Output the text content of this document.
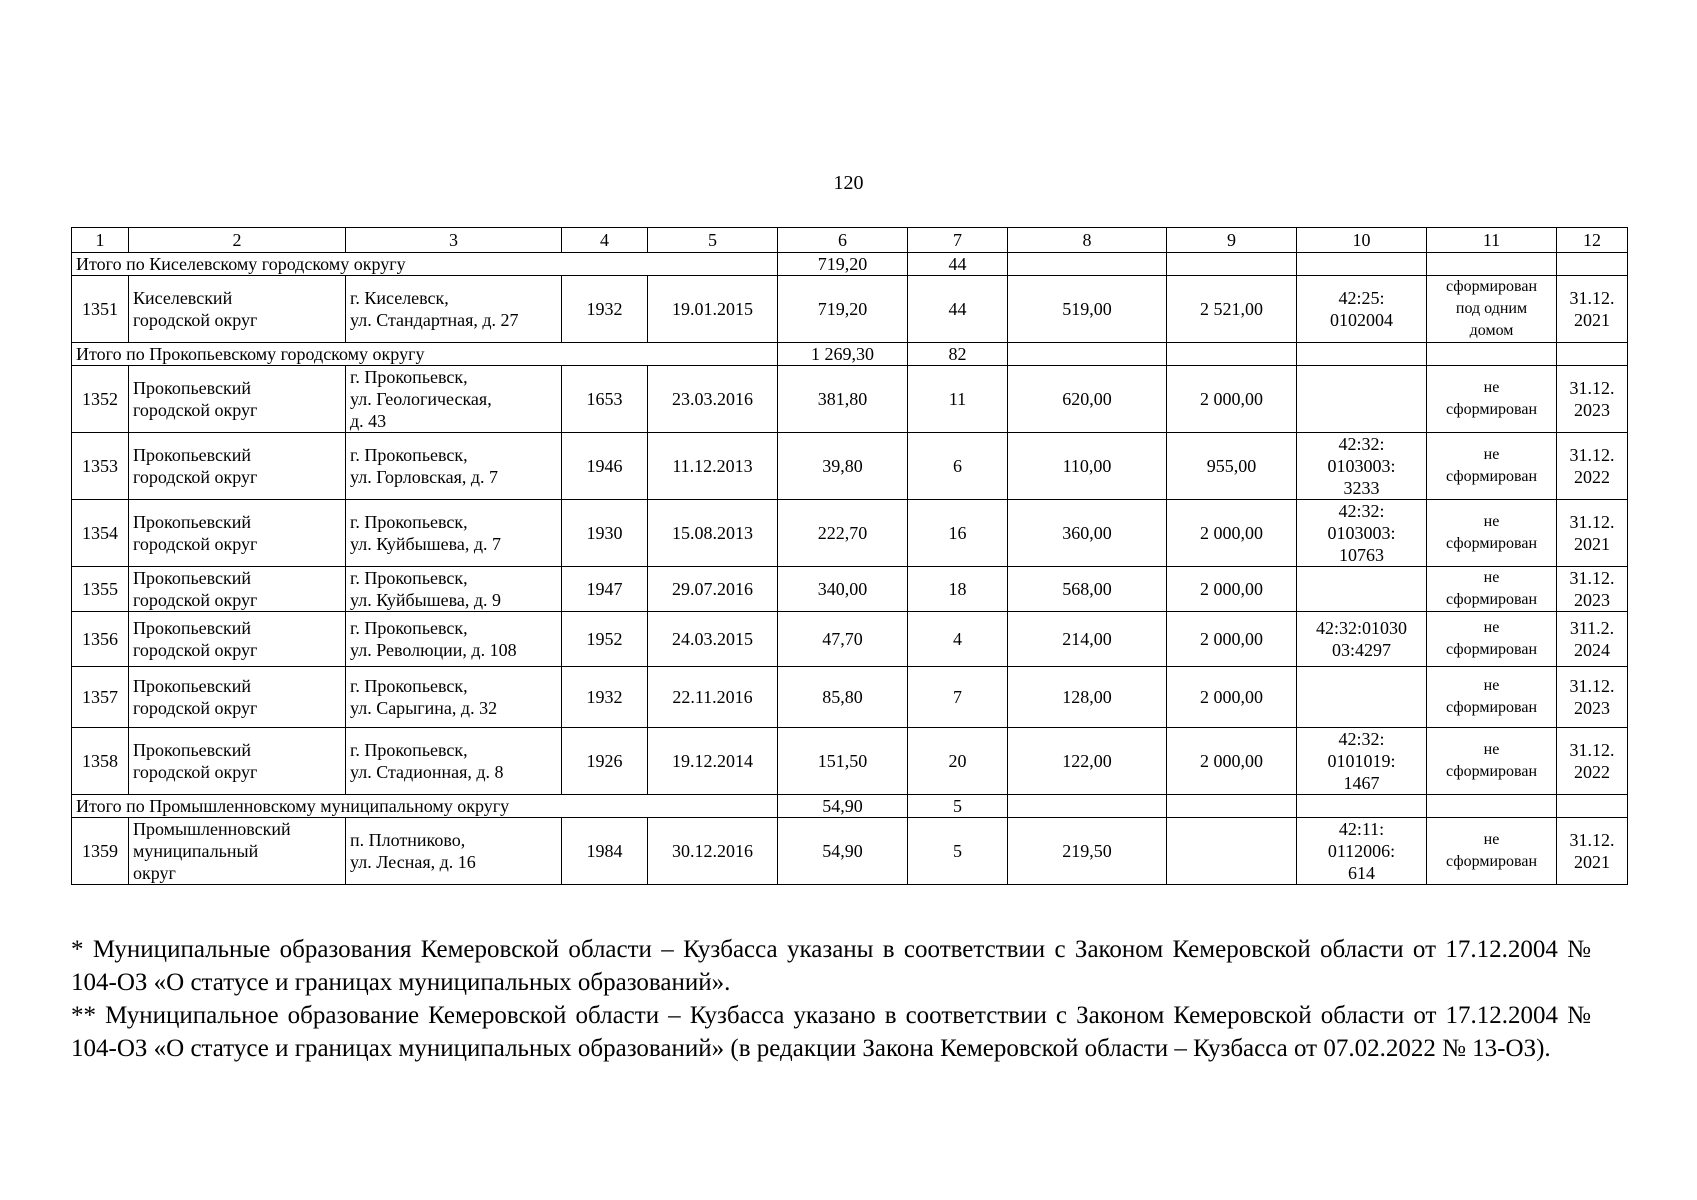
120
1	2	3	4	5	6	7	8	9	10	11	12
Итого по Киселевскому городскому округу					719,20	44					

1351	Киселевский
городской округ	г. Киселевск,
ул. Стандартная, д. 27	1932	19.01.2015	719,20	44	519,00	2 521,00	42:25:
0102004	сформирован
под одним
домом	31.12.
2021

Итого по Прокопьевскому городскому округу					1 269,30	82					

1352	Прокопьевский
городской округ	г. Прокопьевск,
ул. Геологическая,
д. 43	1653	23.03.2016	381,80	11	620,00	2 000,00		не
сформирован	31.12.
2023

1353	Прокопьевский
городской округ	г. Прокопьевск,
ул. Горловская, д. 7	1946	11.12.2013	39,80	6	110,00	955,00	42:32:
0103003:
3233	не
сформирован	31.12.
2022

1354	Прокопьевский
городской округ	г. Прокопьевск,
ул. Куйбышева, д. 7	1930	15.08.2013	222,70	16	360,00	2 000,00	42:32:
0103003:
10763	не
сформирован	31.12.
2021

1355	Прокопьевский
городской округ	г. Прокопьевск,
ул. Куйбышева, д. 9	1947	29.07.2016	340,00	18	568,00	2 000,00		не
сформирован	31.12.
2023

1356	Прокопьевский
городской округ	г. Прокопьевск,
ул. Революции, д. 108	1952	24.03.2015	47,70	4	214,00	2 000,00	42:32:01030
03:4297	не
сформирован	311.2.
2024

1357	Прокопьевский
городской округ	г. Прокопьевск,
ул. Сарыгина, д. 32	1932	22.11.2016	85,80	7	128,00	2 000,00		не
сформирован	31.12.
2023

1358	Прокопьевский
городской округ	г. Прокопьевск,
ул. Стадионная, д. 8	1926	19.12.2014	151,50	20	122,00	2 000,00	42:32:
0101019:
1467	не
сформирован	31.12.
2022

Итого по Промышленновскому муниципальному округу					54,90	5					

1359	Промышленновский
муниципальный
округ	п. Плотниково,
ул. Лесная, д. 16	1984	30.12.2016	54,90	5	219,50		42:11:
0112006:
614	не
сформирован	31.12.
2021

* Муниципальные образования Кемеровской области – Кузбасса указаны в соответствии с Законом Кемеровской области от 17.12.2004 № 104-ОЗ «О статусе и границах муниципальных образований».

** Муниципальное образование Кемеровской области – Кузбасса указано в соответствии с Законом Кемеровской области от 17.12.2004 № 104-ОЗ «О статусе и границах муниципальных образований» (в редакции Закона Кемеровской области – Кузбасса от 07.02.2022 № 13-ОЗ).
